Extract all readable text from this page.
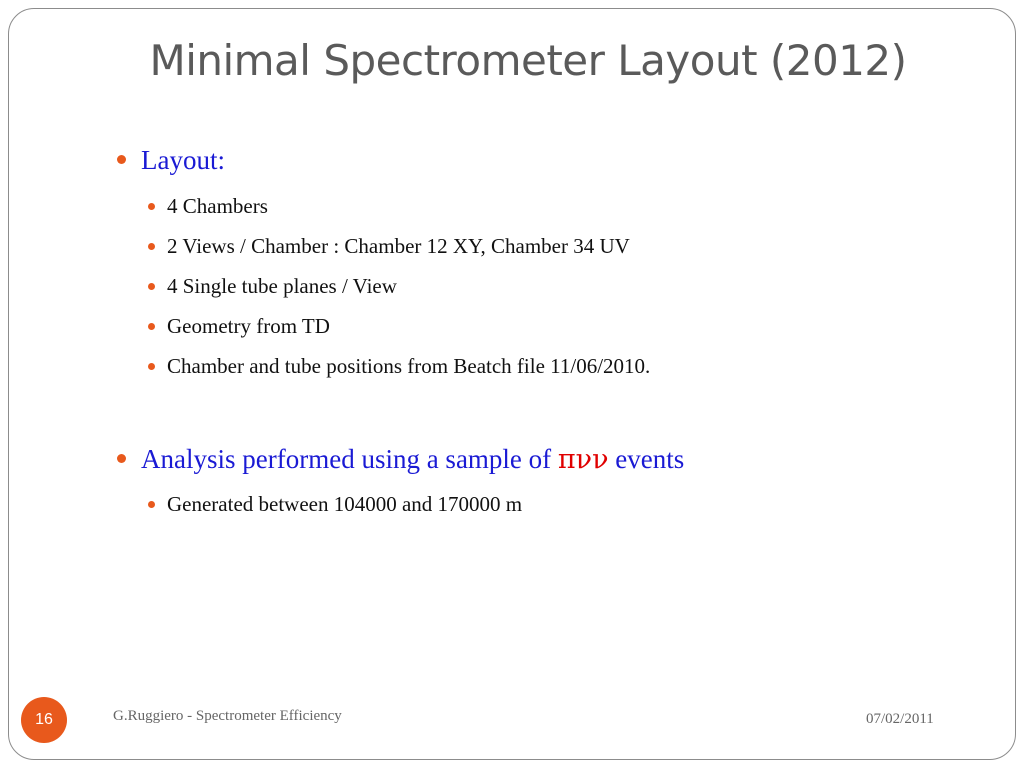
Minimal Spectrometer Layout (2012)
Layout:
4 Chambers
2 Views / Chamber : Chamber 12 XY, Chamber 34 UV
4 Single tube planes / View
Geometry from TD
Chamber and tube positions from Beatch file 11/06/2010.
Analysis performed using a sample of πνν events
Generated between 104000 and 170000 m
16	G.Ruggiero - Spectrometer Efficiency	07/02/2011
